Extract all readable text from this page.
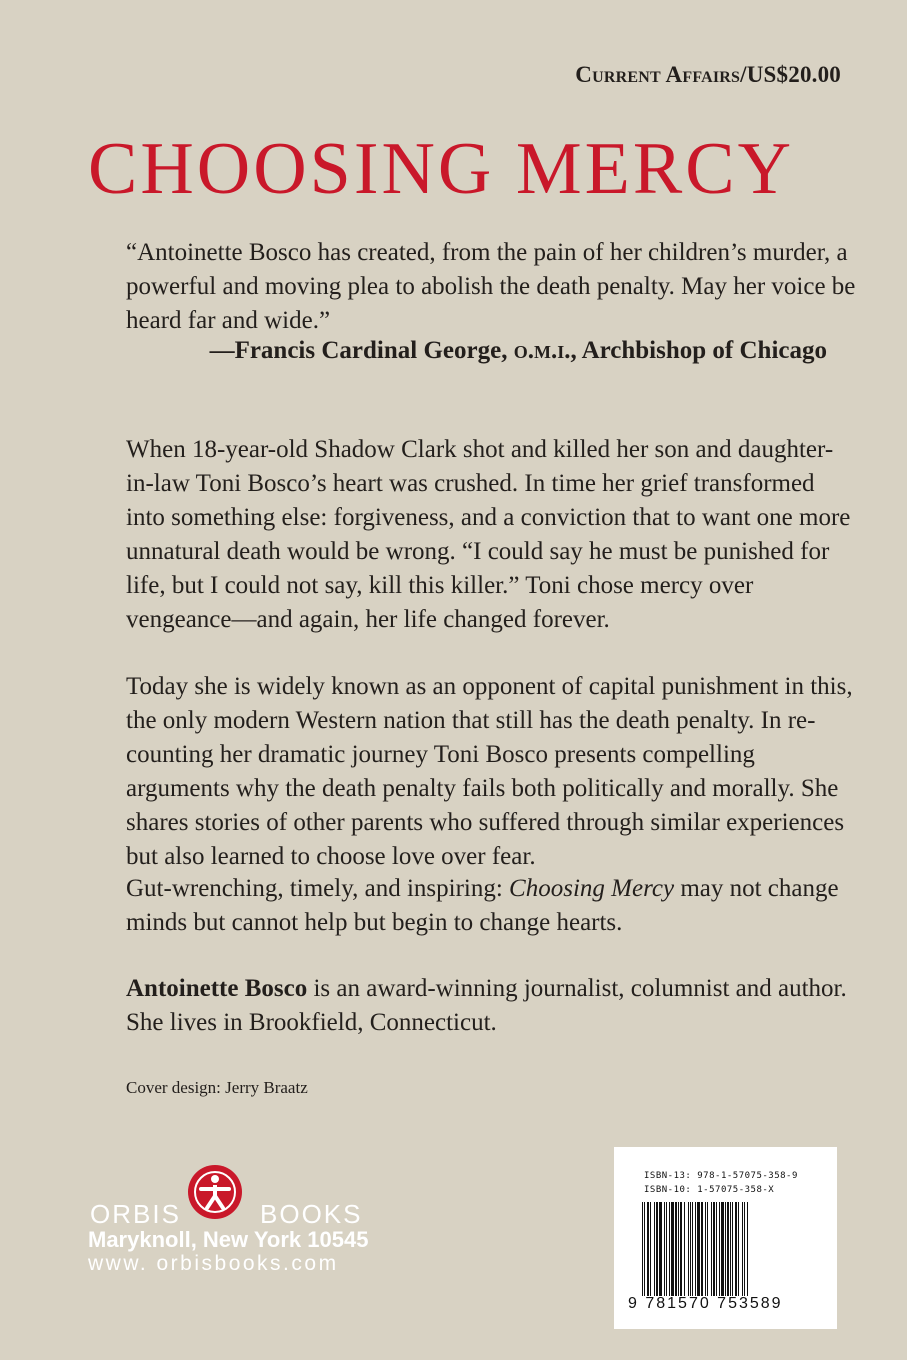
Current Affairs/US$20.00
CHOOSING MERCY
“Antoinette Bosco has created, from the pain of her children’s murder, a powerful and moving plea to abolish the death penalty. May her voice be heard far and wide.”
—Francis Cardinal George, o.m.i., Archbishop of Chicago
When 18-year-old Shadow Clark shot and killed her son and daughter-in-law Toni Bosco’s heart was crushed. In time her grief transformed into something else: forgiveness, and a conviction that to want one more unnatural death would be wrong. “I could say he must be punished for life, but I could not say, kill this killer.” Toni chose mercy over vengeance—and again, her life changed forever.
Today she is widely known as an opponent of capital punishment in this, the only modern Western nation that still has the death penalty. In re-counting her dramatic journey Toni Bosco presents compelling arguments why the death penalty fails both politically and morally. She shares stories of other parents who suffered through similar experiences but also learned to choose love over fear.
Gut-wrenching, timely, and inspiring: Choosing Mercy may not change minds but cannot help but begin to change hearts.
Antoinette Bosco is an award-winning journalist, columnist and author. She lives in Brookfield, Connecticut.
Cover design: Jerry Braatz
ORBIS	BOOKS
Maryknoll, New York 10545
www. orbisbooks.com
ISBN-13: 978-1-57075-358-9
ISBN-10: 1-57075-358-X
9 781570 753589
